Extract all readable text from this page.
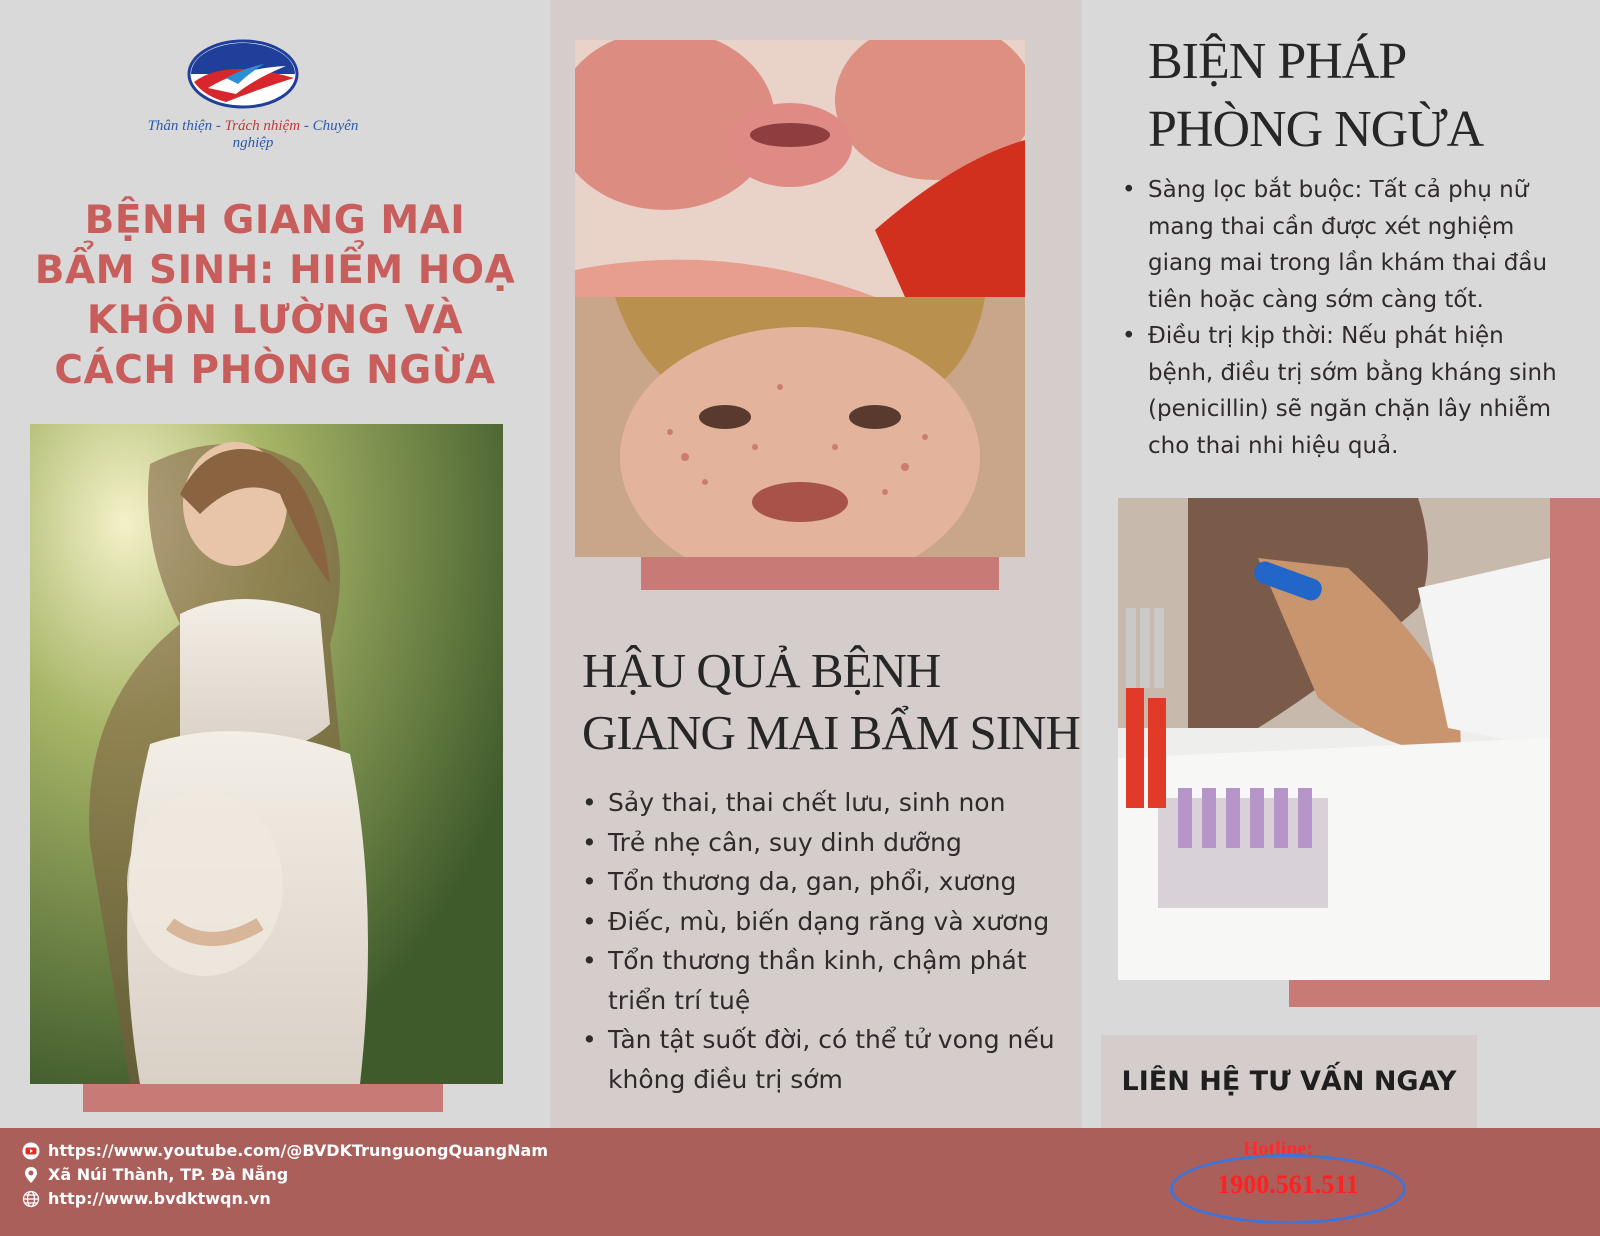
Thân thiện - Trách nhiệm - Chuyên nghiệp
BỆNH GIANG MAI
BẨM SINH: HIỂM HOẠ
KHÔN LƯỜNG VÀ
CÁCH PHÒNG NGỪA
HẬU QUẢ BỆNH
GIANG MAI BẨM SINH
• Sảy thai, thai chết lưu, sinh non
• Trẻ nhẹ cân, suy dinh dưỡng
• Tổn thương da, gan, phổi, xương
• Điếc, mù, biến dạng răng và xương
• Tổn thương thần kinh, chậm phát triển trí tuệ
• Tàn tật suốt đời, có thể tử vong nếu không điều trị sớm
BIỆN PHÁP
PHÒNG NGỪA
• Sàng lọc bắt buộc: Tất cả phụ nữ mang thai cần được xét nghiệm giang mai trong lần khám thai đầu tiên hoặc càng sớm càng tốt.
• Điều trị kịp thời: Nếu phát hiện bệnh, điều trị sớm bằng kháng sinh (penicillin) sẽ ngăn chặn lây nhiễm cho thai nhi hiệu quả.
LIÊN HỆ TƯ VẤN NGAY
https://www.youtube.com/@BVDKTrunguongQuangNam
Xã Núi Thành, TP. Đà Nẵng
http://www.bvdktwqn.vn
Hotline:
1900.561.511
